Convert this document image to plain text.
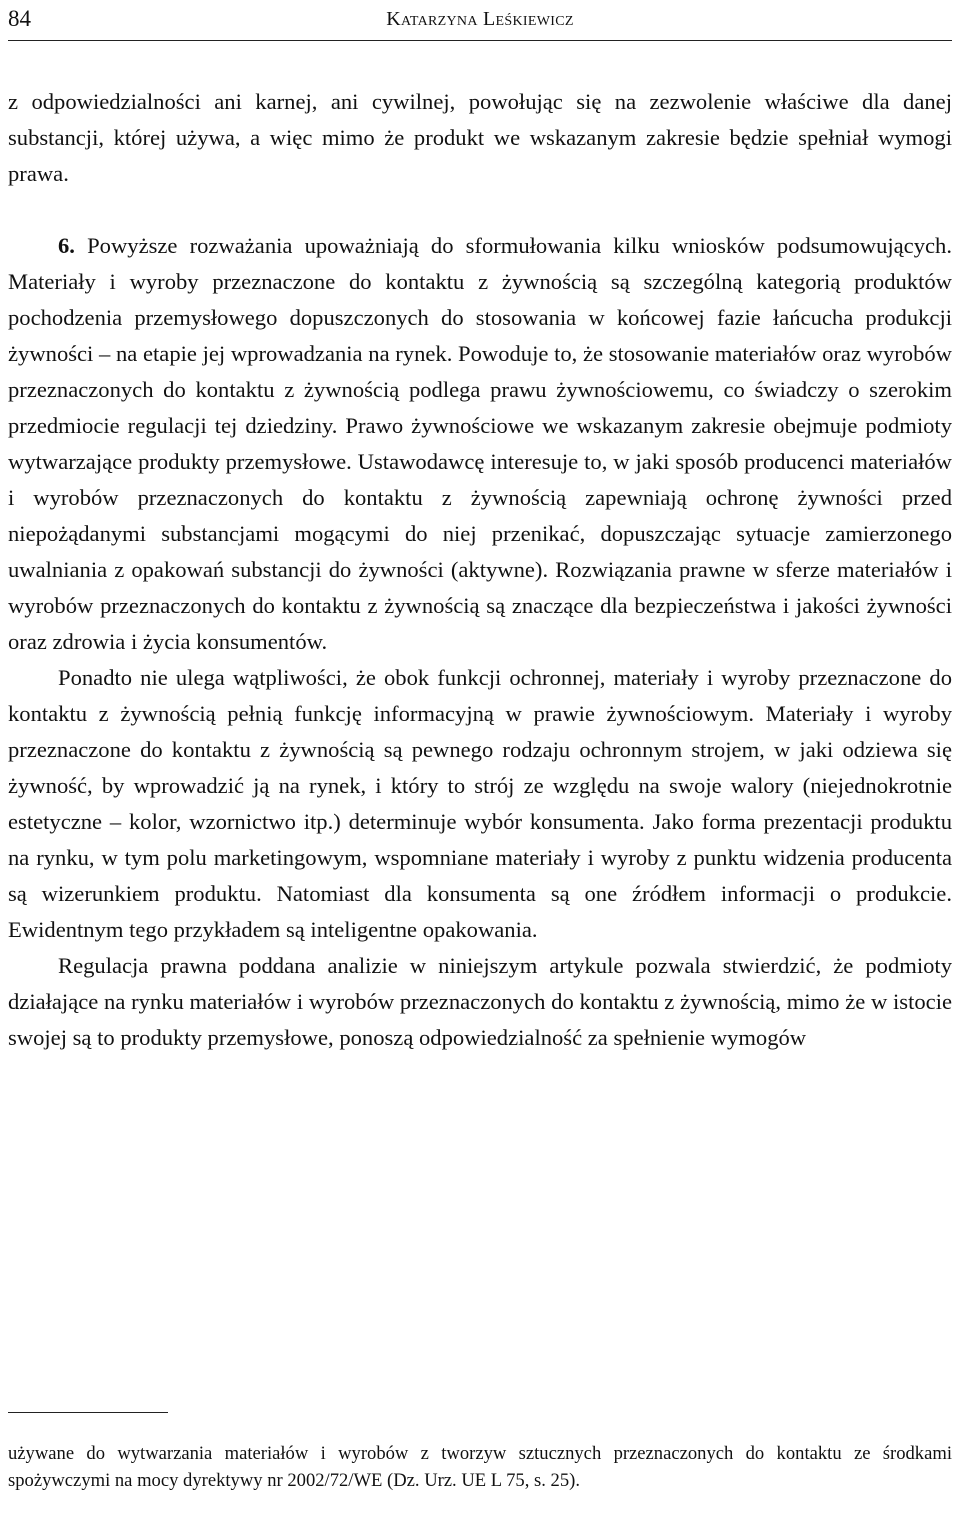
84	Katarzyna Leśkiewicz

z odpowiedzialności ani karnej, ani cywilnej, powołując się na zezwolenie właściwe dla danej substancji, której używa, a więc mimo że produkt we wskazanym zakresie będzie spełniał wymogi prawa.

6. Powyższe rozważania upoważniają do sformułowania kilku wniosków podsumowujących. Materiały i wyroby przeznaczone do kontaktu z żywnością są szczególną kategorią produktów pochodzenia przemysłowego dopuszczonych do stosowania w końcowej fazie łańcucha produkcji żywności – na etapie jej wprowadzania na rynek. Powoduje to, że stosowanie materiałów oraz wyrobów przeznaczonych do kontaktu z żywnością podlega prawu żywnościowemu, co świadczy o szerokim przedmiocie regulacji tej dziedziny. Prawo żywnościowe we wskazanym zakresie obejmuje podmioty wytwarzające produkty przemysłowe. Ustawodawcę interesuje to, w jaki sposób producenci materiałów i wyrobów przeznaczonych do kontaktu z żywnością zapewniają ochronę żywności przed niepożądanymi substancjami mogącymi do niej przenikać, dopuszczając sytuacje zamierzonego uwalniania z opakowań substancji do żywności (aktywne). Rozwiązania prawne w sferze materiałów i wyrobów przeznaczonych do kontaktu z żywnością są znaczące dla bezpieczeństwa i jakości żywności oraz zdrowia i życia konsumentów.

Ponadto nie ulega wątpliwości, że obok funkcji ochronnej, materiały i wyroby przeznaczone do kontaktu z żywnością pełnią funkcję informacyjną w prawie żywnościowym. Materiały i wyroby przeznaczone do kontaktu z żywnością są pewnego rodzaju ochronnym strojem, w jaki odziewa się żywność, by wprowadzić ją na rynek, i który to strój ze względu na swoje walory (niejednokrotnie estetyczne – kolor, wzornictwo itp.) determinuje wybór konsumenta. Jako forma prezentacji produktu na rynku, w tym polu marketingowym, wspomniane materiały i wyroby z punktu widzenia producenta są wizerunkiem produktu. Natomiast dla konsumenta są one źródłem informacji o produkcie. Ewidentnym tego przykładem są inteligentne opakowania.

Regulacja prawna poddana analizie w niniejszym artykule pozwala stwierdzić, że podmioty działające na rynku materiałów i wyrobów przeznaczonych do kontaktu z żywnością, mimo że w istocie swojej są to produkty przemysłowe, ponoszą odpowiedzialność za spełnienie wymogów

używane do wytwarzania materiałów i wyrobów z tworzyw sztucznych przeznaczonych do kontaktu ze środkami spożywczymi na mocy dyrektywy nr 2002/72/WE (Dz. Urz. UE L 75, s. 25).
